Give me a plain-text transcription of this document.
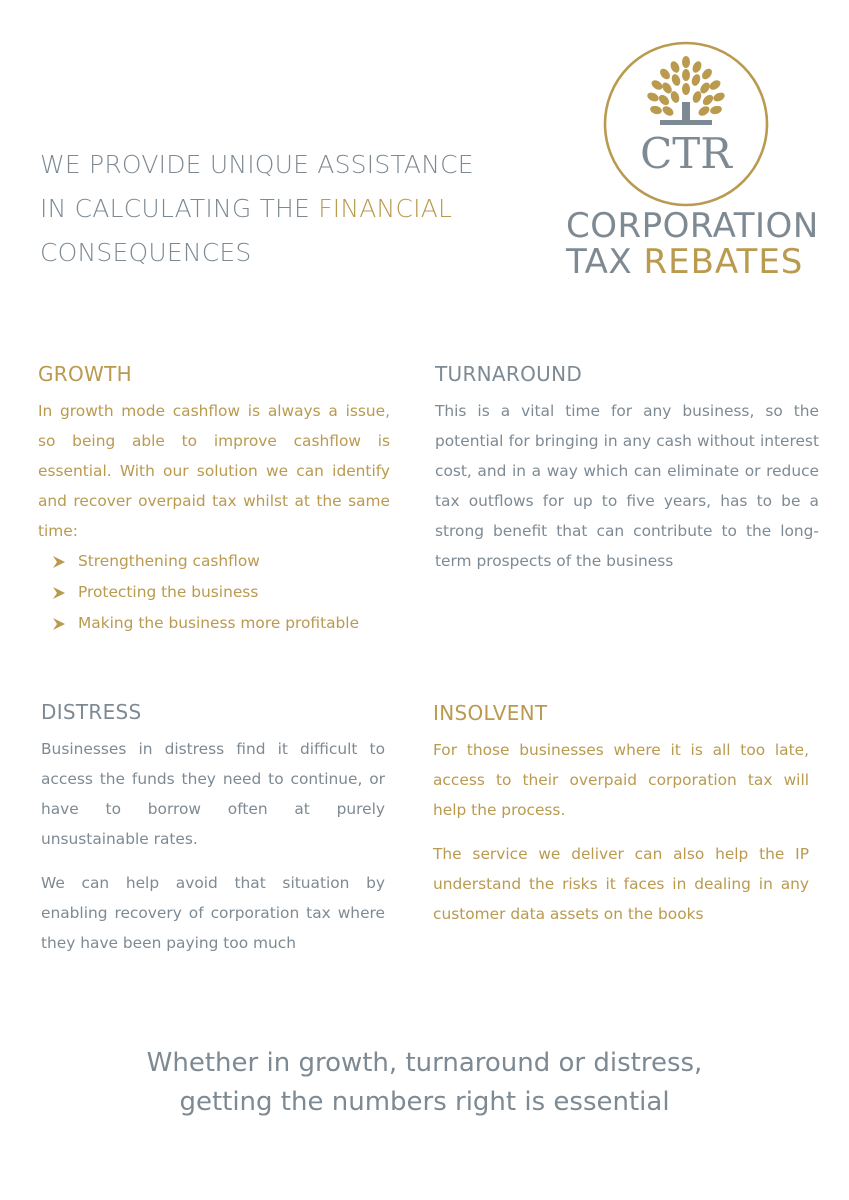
WE PROVIDE UNIQUE ASSISTANCE
IN CALCULATING THE FINANCIAL
CONSEQUENCES
CTR
CORPORATION
TAX REBATES
GROWTH

In growth mode cashflow is always a issue, so being able to improve cashflow is essential. With our solution we can identify and recover overpaid tax whilst at the same time:

Strengthening cashflow
Protecting the business
Making the business more profitable
TURNAROUND

This is a vital time for any business, so the potential for bringing in any cash without interest cost, and in a way which can eliminate or reduce tax outflows for up to five years, has to be a strong benefit that can contribute to the long-term prospects of the business

DISTRESS

Businesses in distress find it difficult to access the funds they need to continue, or have to borrow often at purely unsustainable rates.

We can help avoid that situation by enabling recovery of corporation tax where they have been paying too much

INSOLVENT

For those businesses where it is all too late, access to their overpaid corporation tax will help the process.

The service we deliver can also help the IP understand the risks it faces in dealing in any customer data assets on the books

Whether in growth, turnaround or distress,
getting the numbers right is essential
